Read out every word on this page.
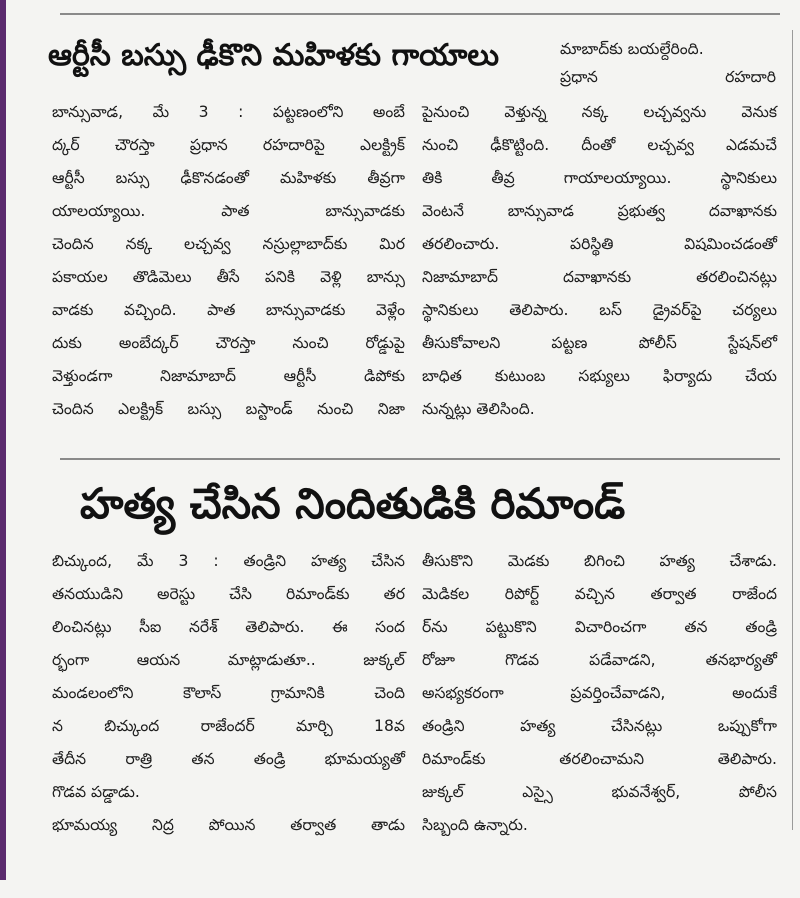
ఆర్టీసీ బస్సు ఢీకొని మహిళకు గాయాలు	మాబాద్‌కు బయల్దేరింది.
ప్రధాన రహదారి
బాన్సువాడ, మే 3 : పట్టణంలోని అంబే
ద్కర్ చౌరస్తా ప్రధాన రహదారిపై ఎలక్ట్రిక్
ఆర్టీసీ బస్సు ఢీకొనడంతో మహిళకు తీవ్రగా
యాలయ్యాయి. పాత బాన్సువాడకు
చెందిన నక్క లచ్చవ్వ నస్రుల్లాబాద్‌కు మిర
పకాయల తొడిమెలు తీసే పనికి వెళ్లి బాన్సు
వాడకు వచ్చింది. పాత బాన్సువాడకు వెళ్లేం
దుకు అంబేద్కర్ చౌరస్తా నుంచి రోడ్డుపై
వెళ్తుండగా నిజామాబాద్ ఆర్టీసీ డిపోకు
చెందిన ఎలక్ట్రిక్ బస్సు బస్టాండ్ నుంచి నిజా
పైనుంచి వెళ్తున్న నక్క లచ్చవ్వను వెనుక
నుంచి ఢీకొట్టింది. దీంతో లచ్చవ్వ ఎడమచే
తికి తీవ్ర గాయాలయ్యాయి. స్థానికులు
వెంటనే బాన్సువాడ ప్రభుత్వ దవాఖానకు
తరలించారు. పరిస్థితి విషమించడంతో
నిజామాబాద్ దవాఖానకు తరలించినట్లు
స్థానికులు తెలిపారు. బస్ డ్రైవర్‌పై చర్యలు
తీసుకోవాలని పట్టణ పోలీస్ స్టేషన్‌లో
బాధిత కుటుంబ సభ్యులు ఫిర్యాదు చేయ
నున్నట్లు తెలిసింది.
హత్య చేసిన నిందితుడికి రిమాండ్
బిచ్కుంద, మే 3 : తండ్రిని హత్య చేసిన
తనయుడిని అరెస్టు చేసి రిమాండ్‌కు తర
లించినట్లు సీఐ నరేశ్ తెలిపారు. ఈ సంద
ర్భంగా ఆయన మాట్లాడుతూ.. జుక్కల్
మండలంలోని కౌలాస్ గ్రామానికి చెంది
న బిచ్కుంద రాజేందర్ మార్చి 18వ
తేదీన రాత్రి తన తండ్రి భూమయ్యతో
గొడవ పడ్డాడు.
భూమయ్య నిద్ర పోయిన తర్వాత తాడు
తీసుకొని మెడకు బిగించి హత్య చేశాడు.
మెడికల రిపోర్ట్ వచ్చిన తర్వాత రాజేంద
ర్‌ను పట్టుకొని విచారించగా తన తండ్రి
రోజూ గొడవ పడేవాడని, తనభార్యతో
అసభ్యకరంగా ప్రవర్తించేవాడని, అందుకే
తండ్రిని హత్య చేసినట్లు ఒప్పుకోగా
రిమాండ్‌కు తరలించామని తెలిపారు.
జుక్కల్ ఎస్సై భువనేశ్వర్, పోలీస
సిబ్బంది ఉన్నారు.
